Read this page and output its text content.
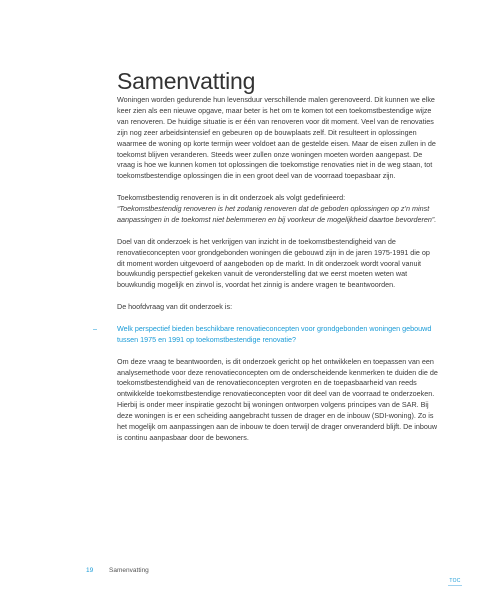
Samenvatting

Woningen worden gedurende hun levensduur verschillende malen gerenoveerd. Dit kunnen we elke keer zien als een nieuwe opgave, maar beter is het om te komen tot een toekomstbestendige wijze van renoveren. De huidige situatie is er één van renoveren voor dit moment. Veel van de renovaties zijn nog zeer arbeidsintensief en gebeuren op de bouwplaats zelf. Dit resulteert in oplossingen waarmee de woning op korte termijn weer voldoet aan de gestelde eisen. Maar de eisen zullen in de toekomst blijven veranderen. Steeds weer zullen onze woningen moeten worden aangepast. De vraag is hoe we kunnen komen tot oplossingen die toekomstige renovaties niet in de weg staan, tot toekomstbestendige oplossingen die in een groot deel van de voorraad toepasbaar zijn.

Toekomstbestendig renoveren is in dit onderzoek als volgt gedefinieerd:

“Toekomstbestendig renoveren is het zodanig renoveren dat de geboden oplossingen op z’n minst aanpassingen in de toekomst niet belemmeren en bij voorkeur de mogelijkheid daartoe bevorderen”.

Doel van dit onderzoek is het verkrijgen van inzicht in de toekomstbestendigheid van de renovatieconcepten voor grondgebonden woningen die gebouwd zijn in de jaren 1975-1991 die op dit moment worden uitgevoerd of aangeboden op de markt. In dit onderzoek wordt vooral vanuit bouwkundig perspectief gekeken vanuit de veronderstelling dat we eerst moeten weten wat bouwkundig mogelijk en zinvol is, voordat het zinnig is andere vragen te beantwoorden.

De hoofdvraag van dit onderzoek is:

–	Welk perspectief bieden beschikbare renovatieconcepten voor grondgebonden woningen gebouwd tussen 1975 en 1991 op toekomstbestendige renovatie?

Om deze vraag te beantwoorden, is dit onderzoek gericht op het ontwikkelen en toepassen van een analysemethode voor deze renovatieconcepten om de onderscheidende kenmerken te duiden die de toekomstbestendigheid van de renovatieconcepten vergroten en de toepasbaarheid van reeds ontwikkelde toekomstbestendige renovatieconcepten voor dit deel van de voorraad te onderzoeken. Hierbij is onder meer inspiratie gezocht bij woningen ontworpen volgens principes van de SAR. Bij deze woningen is er een scheiding aangebracht tussen de drager en de inbouw (SDI-woning). Zo is het mogelijk om aanpassingen aan de inbouw te doen terwijl de drager onveranderd blijft. De inbouw is continu aanpasbaar door de bewoners.

19 Samenvatting
TOC
